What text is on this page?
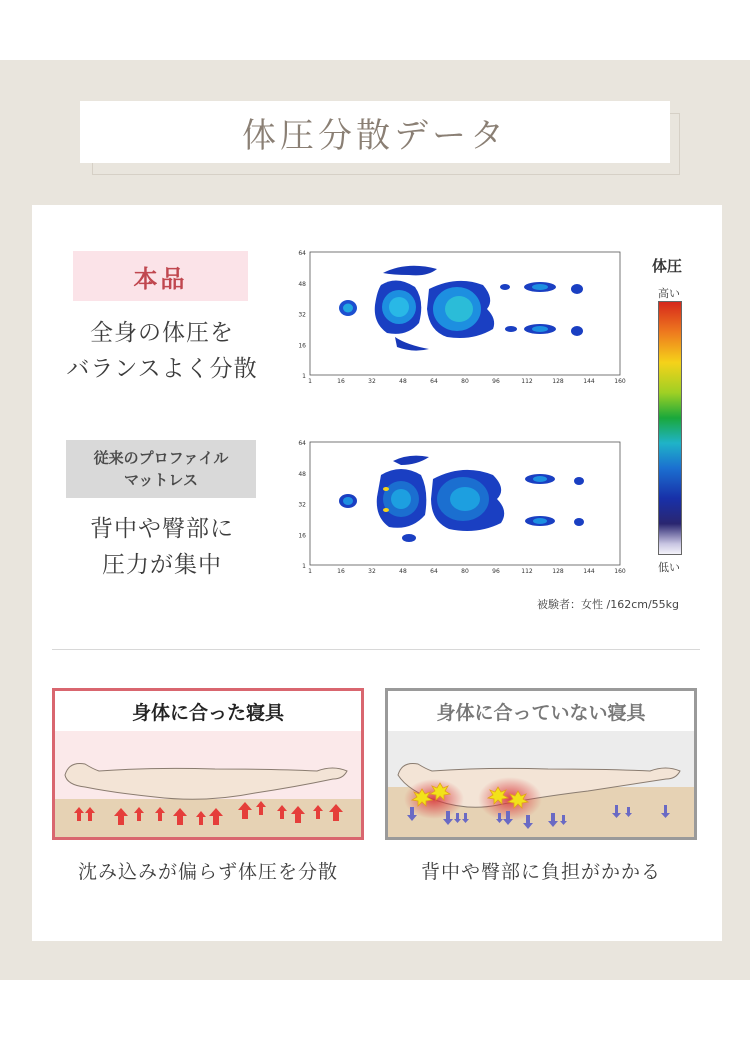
体圧分散データ
本品
全身の体圧を
バランスよく分散
従来のプロファイル
マットレス
背中や臀部に
圧力が集中
64
48
32
16
1
1	16	32	48	64	80	96	112	128	144	160
64
48
32
16
1
1	16	32	48	64	80	96	112	128	144	160
体圧
高い
低い
被験者：女性 /162cm/55kg
身体に合った寝具	身体に合っていない寝具
沈み込みが偏らず体圧を分散	背中や臀部に負担がかかる
